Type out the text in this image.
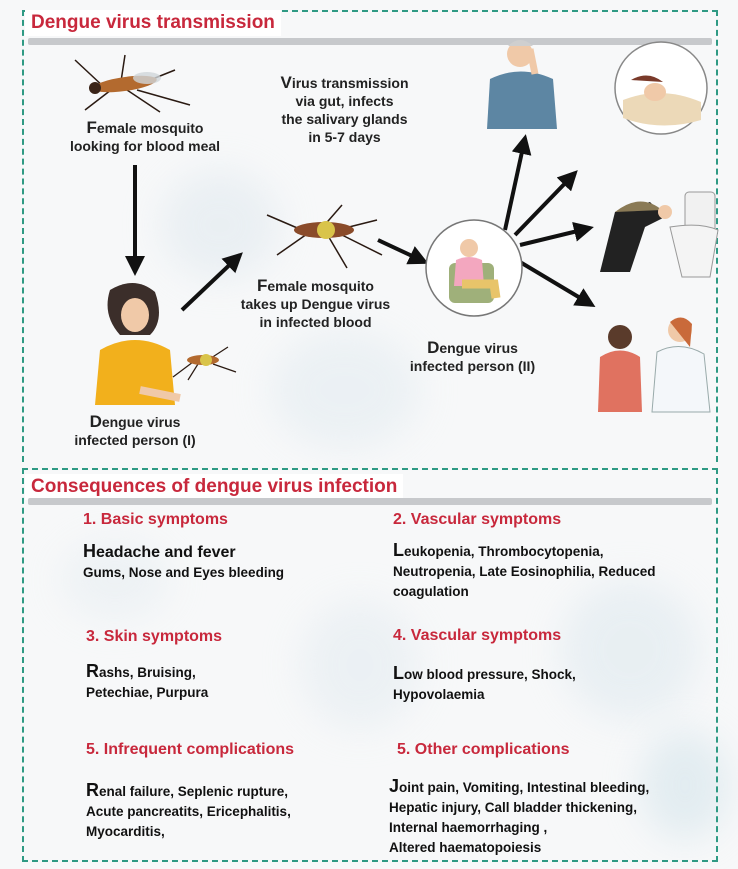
Dengue virus transmission
Female mosquito
looking for blood meal
Virus transmission
via gut, infects
the salivary glands
in 5-7 days
Dengue virus
infected person (I)
Female mosquito
takes up Dengue virus
in infected blood
Dengue virus
infected person (II)
Consequences of dengue virus infection
1. Basic symptoms
Headache and fever
Gums, Nose and Eyes bleeding
2. Vascular symptoms
Leukopenia, Thrombocytopenia,
Neutropenia, Late Eosinophilia, Reduced
coagulation
3. Skin symptoms
Rashs, Bruising,
Petechiae, Purpura
4. Vascular symptoms
Low blood pressure, Shock,
Hypovolaemia
5. Infrequent complications
Renal failure, Seplenic rupture,
Acute pancreatits, Ericephalitis,
Myocarditis,
5. Other complications
Joint pain, Vomiting, Intestinal bleeding,
Hepatic injury, Call bladder thickening,
Internal haemorrhaging ,
Altered haematopoiesis
